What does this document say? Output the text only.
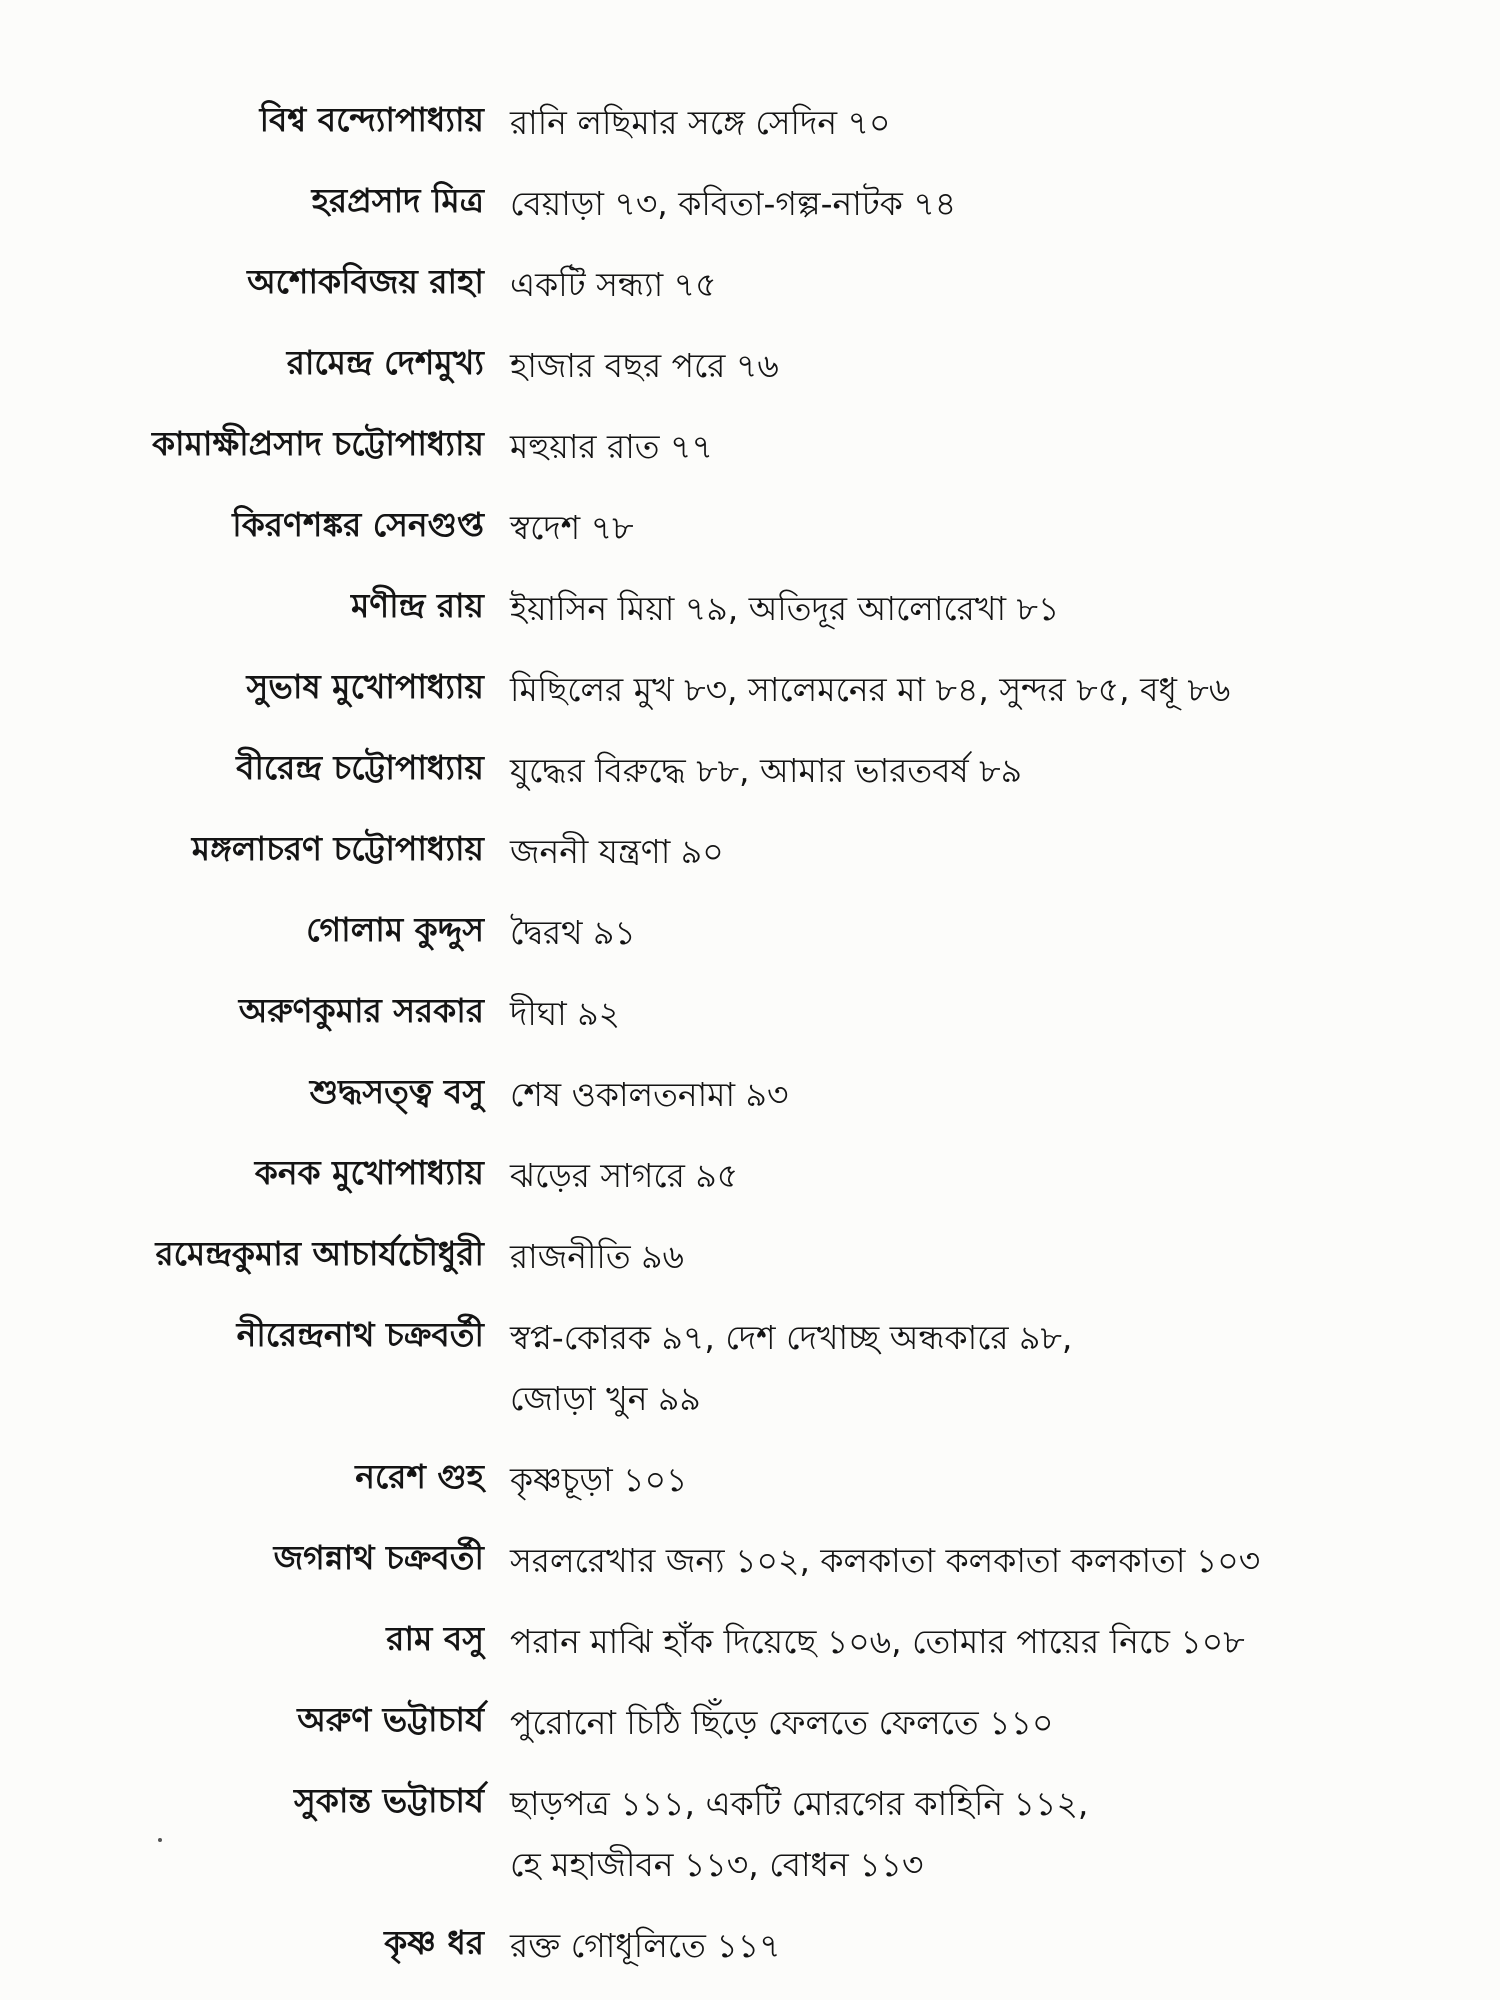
বিশ্ব বন্দ্যোপাধ্যায় রানি লছিমার সঙ্গে সেদিন ৭০
হরপ্রসাদ মিত্র বেয়াড়া ৭৩, কবিতা-গল্প-নাটক ৭৪
অশোকবিজয় রাহা একটি সন্ধ্যা ৭৫
রামেন্দ্র দেশমুখ্য হাজার বছর পরে ৭৬
কামাক্ষীপ্রসাদ চট্টোপাধ্যায় মহুয়ার রাত ৭৭
কিরণশঙ্কর সেনগুপ্ত স্বদেশ ৭৮
মণীন্দ্র রায় ইয়াসিন মিয়া ৭৯, অতিদূর আলোরেখা ৮১
সুভাষ মুখোপাধ্যায় মিছিলের মুখ ৮৩, সালেমনের মা ৮৪, সুন্দর ৮৫, বধূ ৮৬
বীরেন্দ্র চট্টোপাধ্যায় যুদ্ধের বিরুদ্ধে ৮৮, আমার ভারতবর্ষ ৮৯
মঙ্গলাচরণ চট্টোপাধ্যায় জননী যন্ত্রণা ৯০
গোলাম কুদ্দুস দ্বৈরথ ৯১
অরুণকুমার সরকার দীঘা ৯২
শুদ্ধসত্ত্ব বসু শেষ ওকালতনামা ৯৩
কনক মুখোপাধ্যায় ঝড়ের সাগরে ৯৫
রমেন্দ্রকুমার আচার্যচৌধুরী রাজনীতি ৯৬
নীরেন্দ্রনাথ চক্রবর্তী স্বপ্ন-কোরক ৯৭, দেশ দেখাচ্ছ অন্ধকারে ৯৮,
জোড়া খুন ৯৯
নরেশ গুহ কৃষ্ণচূড়া ১০১
জগন্নাথ চক্রবর্তী সরলরেখার জন্য ১০২, কলকাতা কলকাতা কলকাতা ১০৩
রাম বসু পরান মাঝি হাঁক দিয়েছে ১০৬, তোমার পায়ের নিচে ১০৮
অরুণ ভট্টাচার্য পুরোনো চিঠি ছিঁড়ে ফেলতে ফেলতে ১১০
সুকান্ত ভট্টাচার্য ছাড়পত্র ১১১, একটি মোরগের কাহিনি ১১২,
হে মহাজীবন ১১৩, বোধন ১১৩
কৃষ্ণ ধর রক্ত গোধূলিতে ১১৭
